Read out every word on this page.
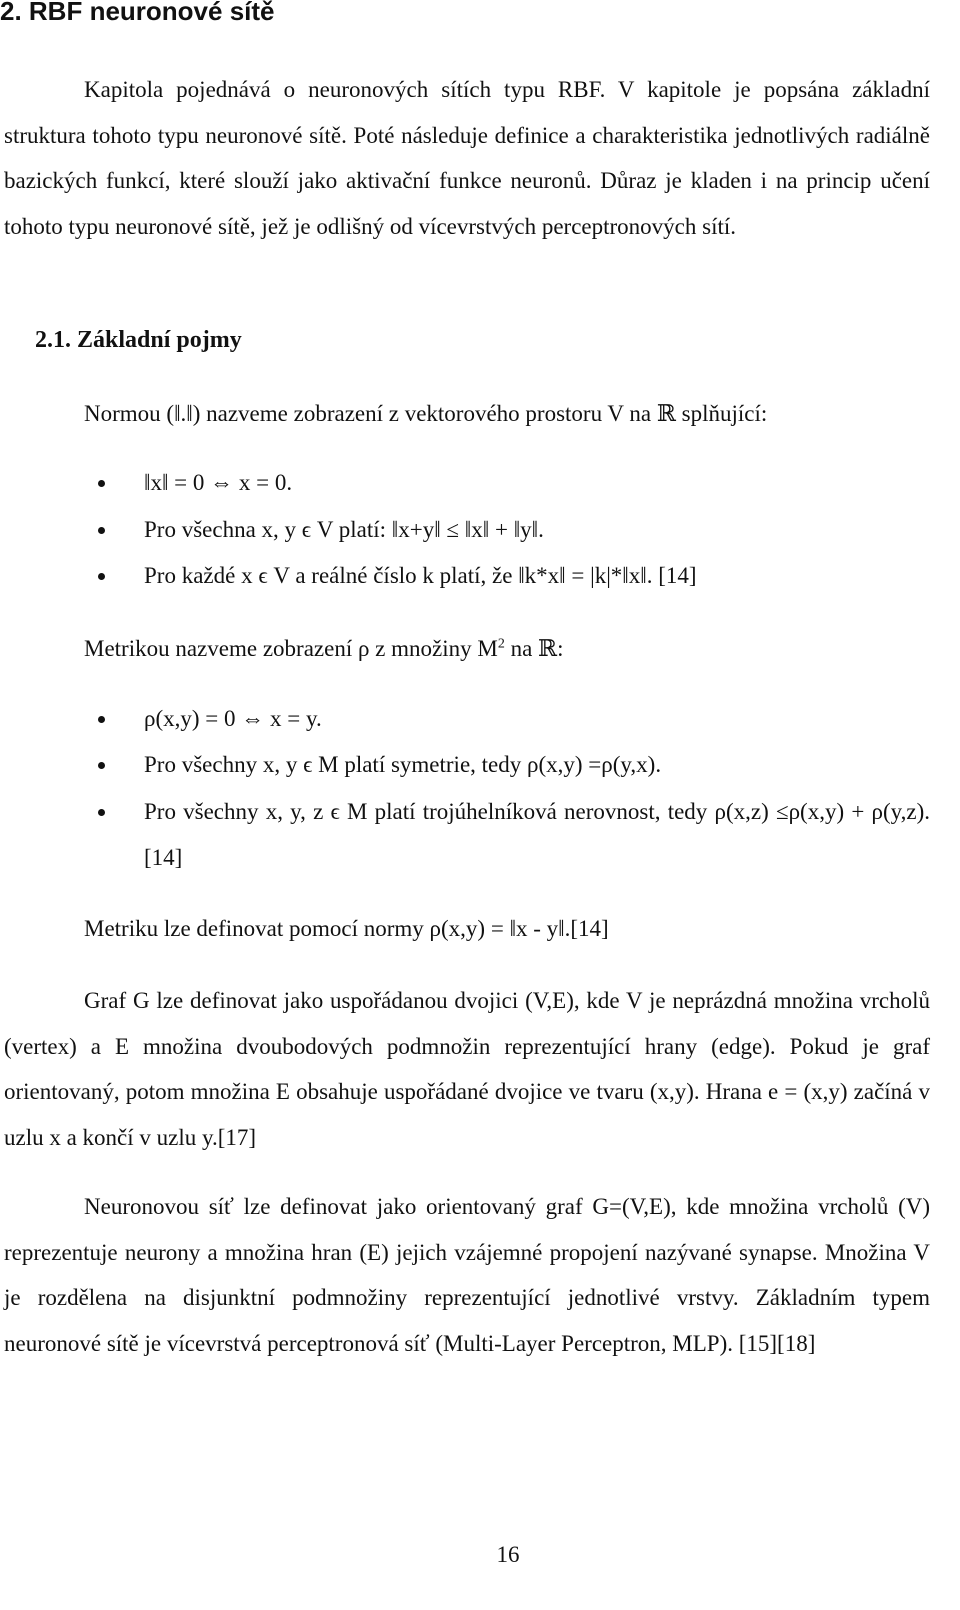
2. RBF neuronové sítě
Kapitola pojednává o neuronových sítích typu RBF. V kapitole je popsána základní struktura tohoto typu neuronové sítě. Poté následuje definice a charakteristika jednotlivých radiálně bazických funkcí, které slouží jako aktivační funkce neuronů. Důraz je kladen i na princip učení tohoto typu neuronové sítě, jež je odlišný od vícevrstvých perceptronových sítí.
2.1. Základní pojmy
Normou (‖.‖) nazveme zobrazení z vektorového prostoru V na ℝ splňující:
‖x‖ = 0 ⇔ x = 0.
Pro všechna x, y ϵ V platí: ‖x+y‖ ≤ ‖x‖ + ‖y‖.
Pro každé x ϵ V a reálné číslo k platí, že ‖k*x‖ = |k|*‖x‖. [14]
Metrikou nazveme zobrazení ρ z množiny $M^2$ na ℝ:
ρ(x,y) = 0 ⇔ x = y.
Pro všechny x, y ϵ M platí symetrie, tedy ρ(x,y) =ρ(y,x).
Pro všechny x, y, z ϵ M platí trojúhelníková nerovnost, tedy ρ(x,z) ≤ρ(x,y) + ρ(y,z).[14]
Metriku lze definovat pomocí normy ρ(x,y) = ‖x - y‖.[14]
Graf G lze definovat jako uspořádanou dvojici (V,E), kde V je neprázdná množina vrcholů (vertex) a E množina dvoubodových podmnožin reprezentující hrany (edge). Pokud je graf orientovaný, potom množina E obsahuje uspořádané dvojice ve tvaru (x,y). Hrana e = (x,y) začíná v uzlu x a končí v uzlu y.[17]
Neuronovou síť lze definovat jako orientovaný graf G=(V,E), kde množina vrcholů (V) reprezentuje neurony a množina hran (E) jejich vzájemné propojení nazývané synapse. Množina V je rozdělena na disjunktní podmnožiny reprezentující jednotlivé vrstvy. Základním typem neuronové sítě je vícevrstvá perceptronová síť (Multi-Layer Perceptron, MLP). [15][18]
16
